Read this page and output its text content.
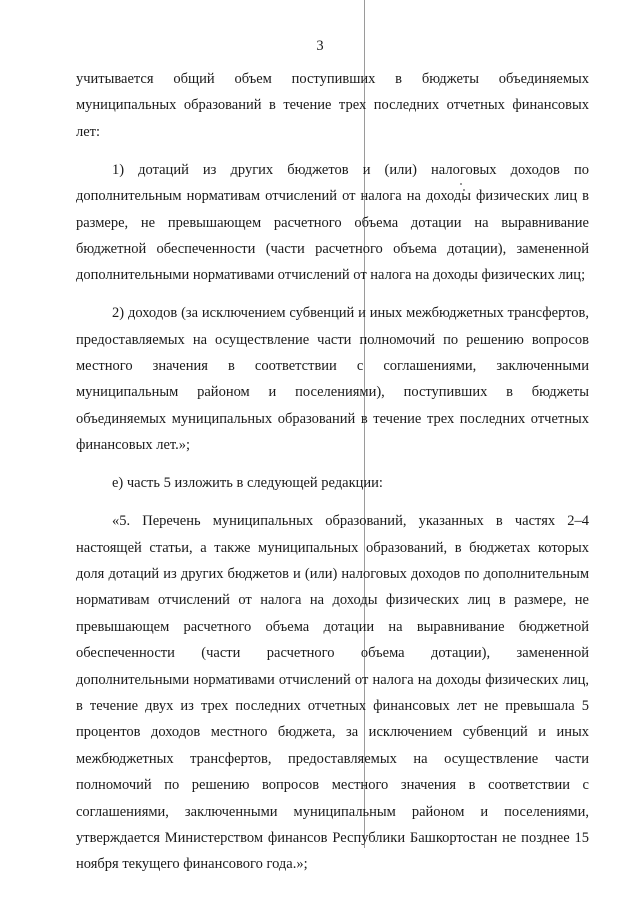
3

учитывается общий объем поступивших в бюджеты объединяемых муниципальных образований в течение трех последних отчетных финансовых лет:

1) дотаций из других бюджетов и (или) налоговых доходов по дополнительным нормативам отчислений от налога на доходы физических лиц в размере, не превышающем расчетного объема дотации на выравнивание бюджетной обеспеченности (части расчетного объема дотации), замененной дополнительными нормативами отчислений от налога на доходы физических лиц;

2) доходов (за исключением субвенций и иных межбюджетных трансфертов, предоставляемых на осуществление части полномочий по решению вопросов местного значения в соответствии с соглашениями, заключенными муниципальным районом и поселениями), поступивших в бюджеты объединяемых муниципальных образований в течение трех последних отчетных финансовых лет.»;

е) часть 5 изложить в следующей редакции:

«5. Перечень муниципальных образований, указанных в частях 2–4 настоящей статьи, а также муниципальных образований, в бюджетах которых доля дотаций из других бюджетов и (или) налоговых доходов по дополнительным нормативам отчислений от налога на доходы физических лиц в размере, не превышающем расчетного объема дотации на выравнивание бюджетной обеспеченности (части расчетного объема дотации), замененной дополнительными нормативами отчислений от налога на доходы физических лиц, в течение двух из трех последних отчетных финансовых лет не превышала 5 процентов доходов местного бюджета, за исключением субвенций и иных межбюджетных трансфертов, предоставляемых на осуществление части полномочий по решению вопросов местного значения в соответствии с соглашениями, заключенными муниципальным районом и поселениями, утверждается Министерством финансов Республики Башкортостан не позднее 15 ноября текущего финансового года.»;
